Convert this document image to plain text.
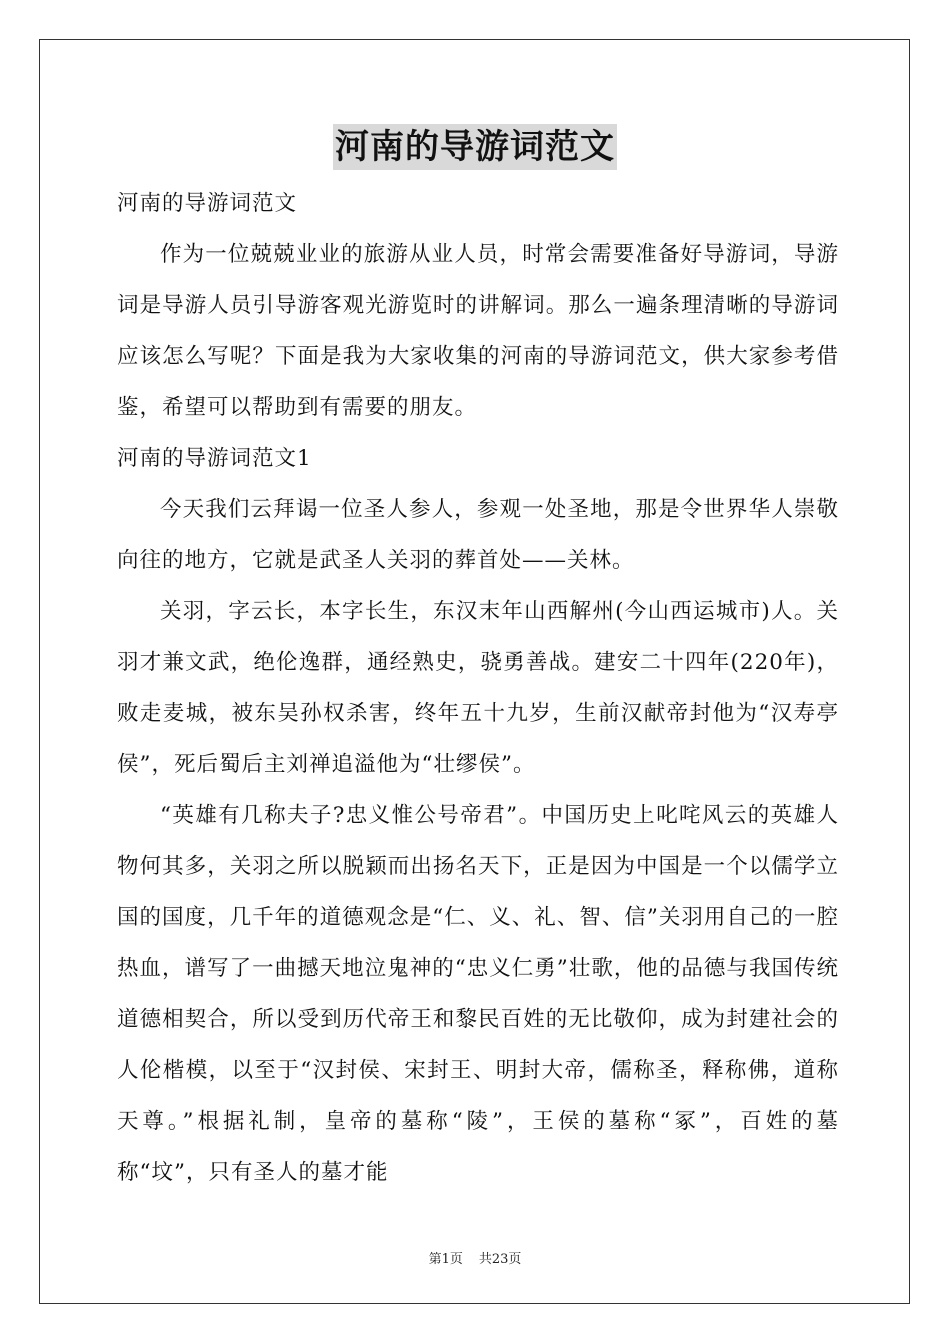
河南的导游词范文

河南的导游词范文

作为一位兢兢业业的旅游从业人员，时常会需要准备好导游词，导游词是导游人员引导游客观光游览时的讲解词。那么一遍条理清晰的导游词应该怎么写呢？下面是我为大家收集的河南的导游词范文，供大家参考借鉴，希望可以帮助到有需要的朋友。

河南的导游词范文1

今天我们云拜谒一位圣人参人，参观一处圣地，那是令世界华人崇敬向往的地方，它就是武圣人关羽的葬首处——关林。

关羽，字云长，本字长生，东汉末年山西解州(今山西运城市)人。关羽才兼文武，绝伦逸群，通经熟史，骁勇善战。建安二十四年(220年)，败走麦城，被东吴孙权杀害，终年五十九岁，生前汉献帝封他为“汉寿亭侯”，死后蜀后主刘禅追溢他为“壮缪侯”。

“英雄有几称夫子?忠义惟公号帝君”。中国历史上叱咤风云的英雄人物何其多，关羽之所以脱颖而出扬名天下，正是因为中国是一个以儒学立国的国度，几千年的道德观念是“仁、义、礼、智、信”关羽用自己的一腔热血，谱写了一曲撼天地泣鬼神的“忠义仁勇”壮歌，他的品德与我国传统道德相契合，所以受到历代帝王和黎民百姓的无比敬仰，成为封建社会的人伦楷模，以至于“汉封侯、宋封王、明封大帝，儒称圣，释称佛，道称天尊。”根据礼制，皇帝的墓称“陵”，王侯的墓称“冢”，百姓的墓称“坟”，只有圣人的墓才能

第1页 共23页
